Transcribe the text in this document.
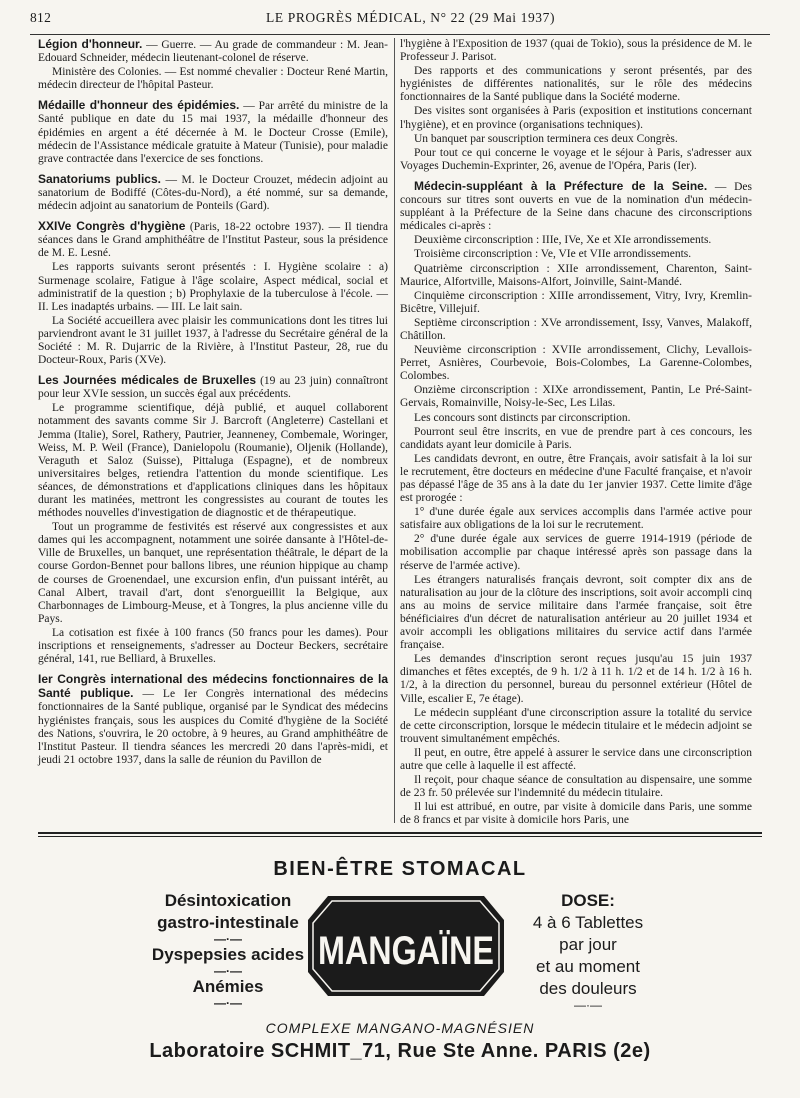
812	LE PROGRÈS MÉDICAL, N° 22 (29 Mai 1937)

Légion d'honneur. — Guerre. — Au grade de commandeur : M. Jean-Edouard Schneider, médecin lieutenant-colonel de réserve.

Ministère des Colonies. — Est nommé chevalier : Docteur René Martin, médecin directeur de l'hôpital Pasteur.

Médaille d'honneur des épidémies. — Par arrêté du ministre de la Santé publique en date du 15 mai 1937, la médaille d'honneur des épidémies en argent a été décernée à M. le Docteur Crosse (Emile), médecin de l'Assistance médicale gratuite à Mateur (Tunisie), pour maladie grave contractée dans l'exercice de ses fonctions.

Sanatoriums publics. — M. le Docteur Crouzet, médecin adjoint au sanatorium de Bodiffé (Côtes-du-Nord), a été nommé, sur sa demande, médecin adjoint au sanatorium de Ponteils (Gard).

XXIVe Congrès d'hygiène (Paris, 18-22 octobre 1937). — Il tiendra séances dans le Grand amphithéâtre de l'Institut Pasteur, sous la présidence de M. E. Lesné.

Les rapports suivants seront présentés : I. Hygiène scolaire : a) Surmenage scolaire, Fatigue à l'âge scolaire, Aspect médical, social et administratif de la question ; b) Prophylaxie de la tuberculose à l'école. — II. Les inadaptés urbains. — III. Le lait sain.

La Société accueillera avec plaisir les communications dont les titres lui parviendront avant le 31 juillet 1937, à l'adresse du Secrétaire général de la Société : M. R. Dujarric de la Rivière, à l'Institut Pasteur, 28, rue du Docteur-Roux, Paris (XVe).

Les Journées médicales de Bruxelles (19 au 23 juin) connaîtront pour leur XVIe session, un succès égal aux précédents.

Le programme scientifique, déjà publié, et auquel collaborent notamment des savants comme Sir J. Barcroft (Angleterre) Castellani et Jemma (Italie), Sorel, Rathery, Pautrier, Jeanneney, Combemale, Woringer, Weiss, M. P. Weil (France), Danielopolu (Roumanie), Oljenik (Hollande), Veraguth et Saloz (Suisse), Pittaluga (Espagne), et de nombreux universitaires belges, retiendra l'attention du monde scientifique. Les séances, de démonstrations et d'applications cliniques dans les hôpitaux durant les matinées, mettront les congressistes au courant de toutes les méthodes nouvelles d'investigation de diagnostic et de thérapeutique.

Tout un programme de festivités est réservé aux congressistes et aux dames qui les accompagnent, notamment une soirée dansante à l'Hôtel-de-Ville de Bruxelles, un banquet, une représentation théâtrale, le départ de la course Gordon-Bennet pour ballons libres, une réunion hippique au champ de courses de Groenendael, une excursion enfin, d'un puissant intérêt, au Canal Albert, travail d'art, dont s'enorgueillit la Belgique, aux Charbonnages de Limbourg-Meuse, et à Tongres, la plus ancienne ville du Pays.

La cotisation est fixée à 100 francs (50 francs pour les dames). Pour inscriptions et renseignements, s'adresser au Docteur Beckers, secrétaire général, 141, rue Belliard, à Bruxelles.

Ier Congrès international des médecins fonctionnaires de la Santé publique. — Le Ier Congrès international des médecins fonctionnaires de la Santé publique, organisé par le Syndicat des médecins hygiénistes français, sous les auspices du Comité d'hygiène de la Société des Nations, s'ouvrira, le 20 octobre, à 9 heures, au Grand amphithéâtre de l'Institut Pasteur. Il tiendra séances les mercredi 20 dans l'après-midi, et jeudi 21 octobre 1937, dans la salle de réunion du Pavillon de

l'hygiène à l'Exposition de 1937 (quai de Tokio), sous la présidence de M. le Professeur J. Parisot.

Des rapports et des communications y seront présentés, par des hygiénistes de différentes nationalités, sur le rôle des médecins fonctionnaires de la Santé publique dans la Société moderne.

Des visites sont organisées à Paris (exposition et institutions concernant l'hygiène), et en province (organisations techniques).

Un banquet par souscription terminera ces deux Congrès.

Pour tout ce qui concerne le voyage et le séjour à Paris, s'adresser aux Voyages Duchemin-Exprinter, 26, avenue de l'Opéra, Paris (Ier).

Médecin-suppléant à la Préfecture de la Seine. — Des concours sur titres sont ouverts en vue de la nomination d'un médecin-suppléant à la Préfecture de la Seine dans chacune des circonscriptions médicales ci-après :

Deuxième circonscription : IIIe, IVe, Xe et XIe arrondissements.

Troisième circonscription : Ve, VIe et VIIe arrondissements.

Quatrième circonscription : XIIe arrondissement, Charenton, Saint-Maurice, Alfortville, Maisons-Alfort, Joinville, Saint-Mandé.

Cinquième circonscription : XIIIe arrondissement, Vitry, Ivry, Kremlin-Bicêtre, Villejuif.

Septième circonscription : XVe arrondissement, Issy, Vanves, Malakoff, Châtillon.

Neuvième circonscription : XVIIe arrondissement, Clichy, Levallois-Perret, Asnières, Courbevoie, Bois-Colombes, La Garenne-Colombes, Colombes.

Onzième circonscription : XIXe arrondissement, Pantin, Le Pré-Saint-Gervais, Romainville, Noisy-le-Sec, Les Lilas.

Les concours sont distincts par circonscription.

Pourront seul être inscrits, en vue de prendre part à ces concours, les candidats ayant leur domicile à Paris.

Les candidats devront, en outre, être Français, avoir satisfait à la loi sur le recrutement, être docteurs en médecine d'une Faculté française, et n'avoir pas dépassé l'âge de 35 ans à la date du 1er janvier 1937. Cette limite d'âge est prorogée :

1° d'une durée égale aux services accomplis dans l'armée active pour satisfaire aux obligations de la loi sur le recrutement.

2° d'une durée égale aux services de guerre 1914-1919 (période de mobilisation accomplie par chaque intéressé après son passage dans la réserve de l'armée active).

Les étrangers naturalisés français devront, soit compter dix ans de naturalisation au jour de la clôture des inscriptions, soit avoir accompli cinq ans au moins de service militaire dans l'armée française, soit être bénéficiaires d'un décret de naturalisation antérieur au 20 juillet 1934 et avoir accompli les obligations militaires du service actif dans l'armée française.

Les demandes d'inscription seront reçues jusqu'au 15 juin 1937 dimanches et fêtes exceptés, de 9 h. 1/2 à 11 h. 1/2 et de 14 h. 1/2 à 16 h. 1/2, à la direction du personnel, bureau du personnel extérieur (Hôtel de Ville, escalier E, 7e étage).

Le médecin suppléant d'une circonscription assure la totalité du service de cette circonscription, lorsque le médecin titulaire et le médecin adjoint se trouvent simultanément empêchés.

Il peut, en outre, être appelé à assurer le service dans une circonscription autre que celle à laquelle il est affecté.

Il reçoit, pour chaque séance de consultation au dispensaire, une somme de 23 fr. 50 prélevée sur l'indemnité du médecin titulaire.

Il lui est attribué, en outre, par visite à domicile dans Paris, une somme de 8 francs et par visite à domicile hors Paris, une

BIEN-ÊTRE STOMACAL
Désintoxication
gastro-intestinale
—·—
Dyspepsies acides
—·—
Anémies
—·—
MANGAÏNE
DOSE:
4 à 6 Tablettes
par jour
et au moment
des douleurs
—·—
COMPLEXE MANGANO-MAGNÉSIEN
Laboratoire SCHMIT_71, Rue Ste Anne. PARIS (2e)
